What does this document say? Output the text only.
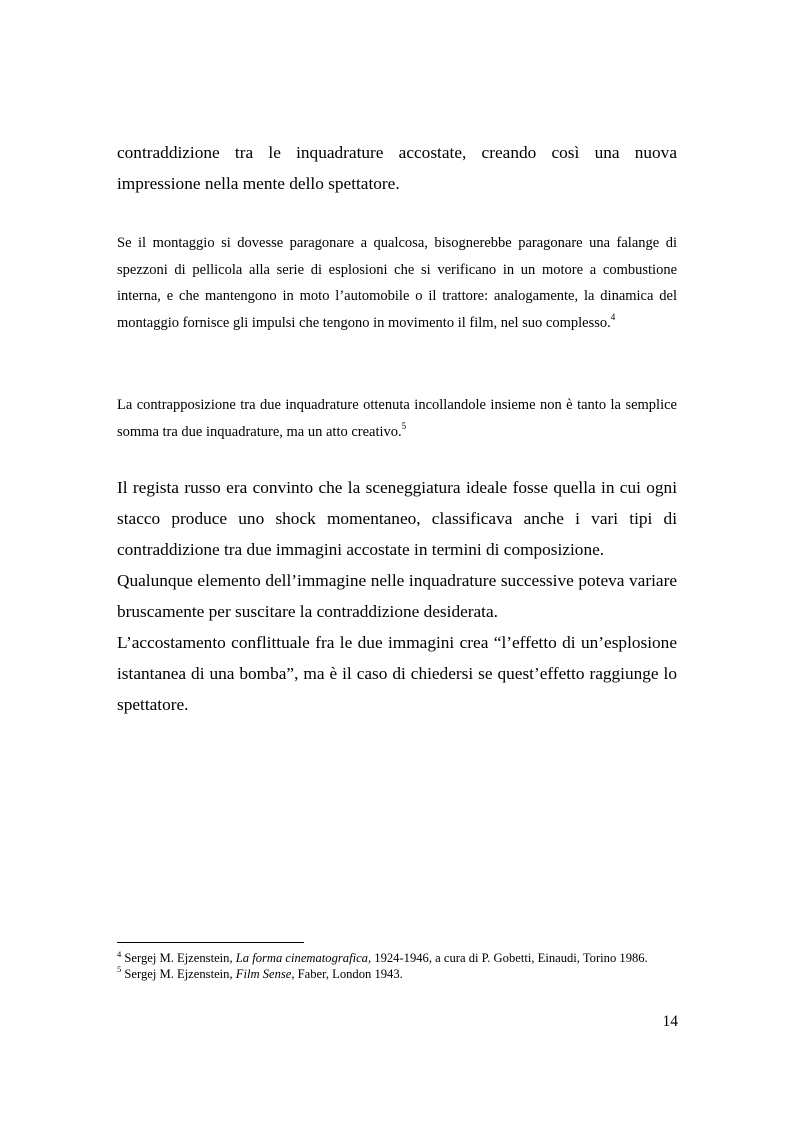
contraddizione tra le inquadrature accostate, creando così una nuova impressione nella mente dello spettatore.

Se il montaggio si dovesse paragonare a qualcosa, bisognerebbe paragonare una falange di spezzoni di pellicola alla serie di esplosioni che si verificano in un motore a combustione interna, e che mantengono in moto l’automobile o il trattore: analogamente, la dinamica del montaggio fornisce gli impulsi che tengono in movimento il film, nel suo complesso.$^4$

La contrapposizione tra due inquadrature ottenuta incollandole insieme non è tanto la semplice somma tra due inquadrature, ma un atto creativo.$^5$

Il regista russo era convinto che la sceneggiatura ideale fosse quella in cui ogni stacco produce uno shock momentaneo, classificava anche i vari tipi di contraddizione tra due immagini accostate in termini di composizione.

Qualunque elemento dell’immagine nelle inquadrature successive poteva variare bruscamente per suscitare la contraddizione desiderata.

L’accostamento conflittuale fra le due immagini crea “l’effetto di un’esplosione istantanea di una bomba”, ma è il caso di chiedersi se quest’effetto raggiunge lo spettatore.

$^4$ Sergej M. Ejzenstein, La forma cinematografica, 1924-1946, a cura di P. Gobetti, Einaudi, Torino 1986.

$^5$ Sergej M. Ejzenstein, Film Sense, Faber, London 1943.

14
